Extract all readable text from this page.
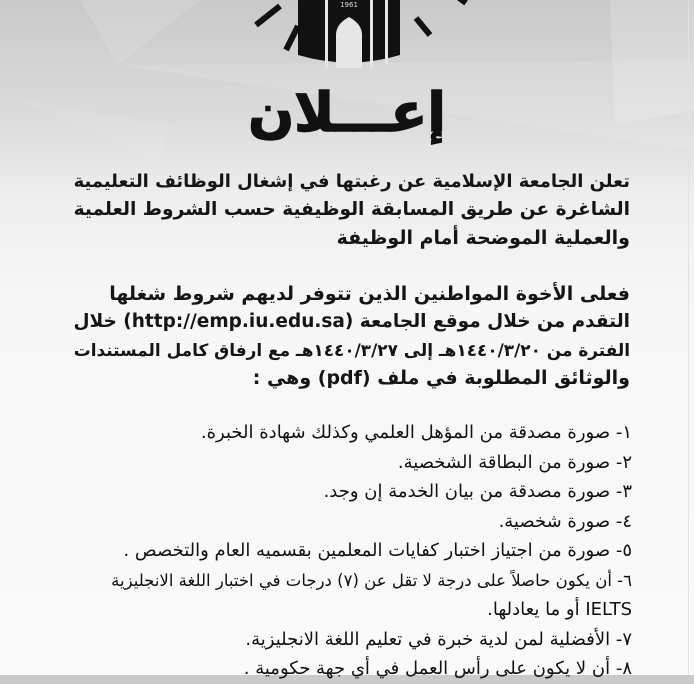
1961
إعـــلان
تعلن الجامعة الإسلامية عن رغبتها في إشغال الوظائف التعليمية
الشاغرة عن طريق المسابقة الوظيفية حسب الشروط العلمية
والعملية الموضحة أمام الوظيفة
فعلى الأخوة المواطنين الذين تتوفر لديهم شروط شغلها
التقدم من خلال موقع الجامعة (http://emp.iu.edu.sa) خلال
الفترة من ١٤٤٠/٣/٢٠هـ إلى ١٤٤٠/٣/٢٧هـ مع ارفاق كامل المستندات
والوثائق المطلوبة في ملف (pdf) وهي :
١- صورة مصدقة من المؤهل العلمي وكذلك شهادة الخبرة.
٢- صورة من البطاقة الشخصية.
٣- صورة مصدقة من بيان الخدمة إن وجد.
٤- صورة شخصية.
٥- صورة من اجتياز اختبار كفايات المعلمين بقسميه العام والتخصص .
٦- أن يكون حاصلاً على درجة لا تقل عن (٧) درجات في اختبار اللغة الانجليزية
IELTS أو ما يعادلها.
٧- الأفضلية لمن لدية خبرة في تعليم اللغة الانجليزية.
٨- أن لا يكون على رأس العمل في أي جهة حكومية .
